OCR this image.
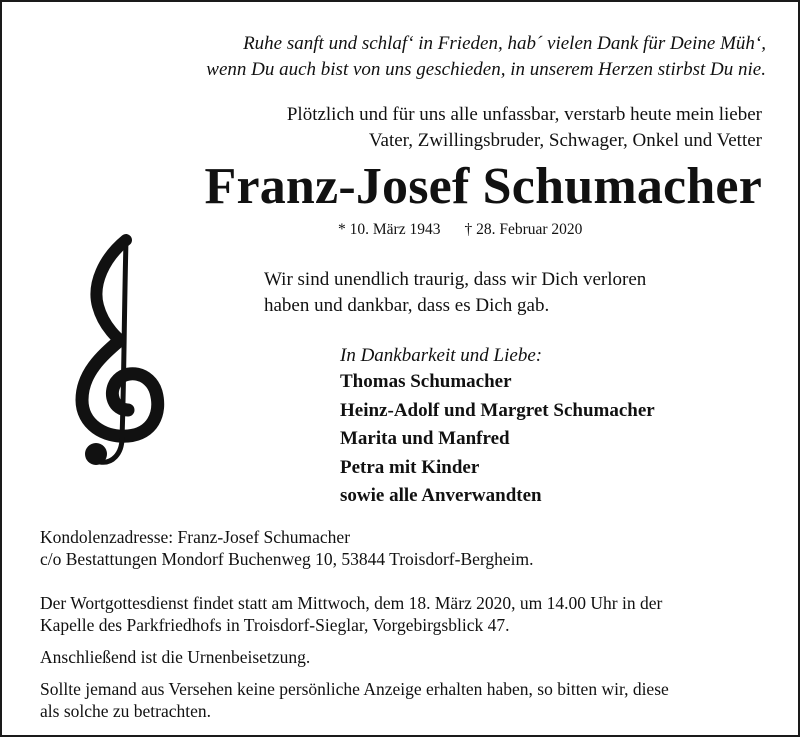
Ruhe sanft und schlaf‘ in Frieden, hab´ vielen Dank für Deine Müh‘,
wenn Du auch bist von uns geschieden, in unserem Herzen stirbst Du nie.
Plötzlich und für uns alle unfassbar, verstarb heute mein lieber
Vater, Zwillingsbruder, Schwager, Onkel und Vetter
Franz-Josef Schumacher
* 10. März 1943 † 28. Februar 2020
Wir sind unendlich traurig, dass wir Dich verloren
haben und dankbar, dass es Dich gab.
In Dankbarkeit und Liebe:
Thomas Schumacher
Heinz-Adolf und Margret Schumacher
Marita und Manfred
Petra mit Kinder
sowie alle Anverwandten

Kondolenzadresse: Franz-Josef Schumacher
c/o Bestattungen Mondorf Buchenweg 10, 53844 Troisdorf-Bergheim.

Der Wortgottesdienst findet statt am Mittwoch, dem 18. März 2020, um 14.00 Uhr in der
Kapelle des Parkfriedhofs in Troisdorf-Sieglar, Vorgebirgsblick 47.

Anschließend ist die Urnenbeisetzung.

Sollte jemand aus Versehen keine persönliche Anzeige erhalten haben, so bitten wir, diese
als solche zu betrachten.
